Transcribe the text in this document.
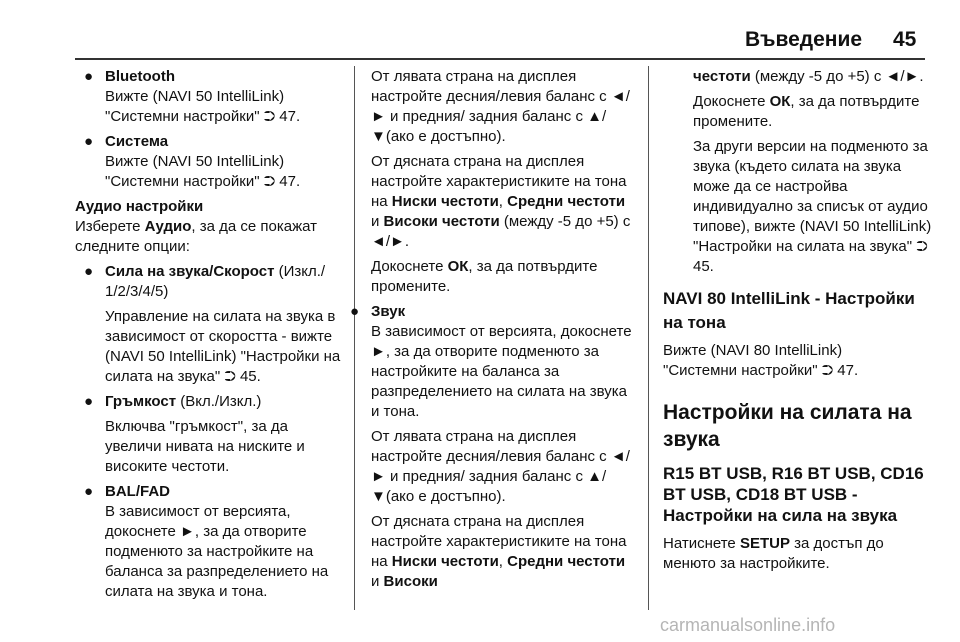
Въведение 45
● Bluetooth

Вижте (NAVI 50 IntelliLink)
"Системни настройки" ⮊ 47.

● Система

Вижте (NAVI 50 IntelliLink)
"Системни настройки" ⮊ 47.

Аудио настройки

Изберете Аудио, за да се покажат следните опции:

● Сила на звука/Скорост (Изкл./ 1/2/3/4/5)

Управление на силата на звука в зависимост от скоростта - вижте (NAVI 50 IntelliLink) "Настройки на силата на звука" ⮊ 45.

● Гръмкост (Вкл./Изкл.)

Включва "гръмкост", за да увеличи нивата на ниските и високите честоти.

● BAL/FAD

В зависимост от версията, докоснете ►, за да отворите подменюто за настройките на баланса за разпределението на силата на звука и тона.

От лявата страна на дисплея настройте десния/левия баланс с ◄/► и предния/ задния баланс с ▲/▼(ако е достъпно).

От дясната страна на дисплея настройте характеристиките на тона на Ниски честоти, Средни честоти и Високи честоти (между -5 до +5) с ◄/►.

Докоснете ОК, за да потвърдите промените.

● Звук

В зависимост от версията, докоснете ►, за да отворите подменюто за настройките на баланса за разпределението на силата на звука и тона.

От лявата страна на дисплея настройте десния/левия баланс с ◄/► и предния/ задния баланс с ▲/▼(ако е достъпно).

От дясната страна на дисплея настройте характеристиките на тона на Ниски честоти, Средни честоти и Високи

честоти (между -5 до +5) с ◄/►.

Докоснете ОК, за да потвърдите промените.

За други версии на подменюто за звука (където силата на звука може да се настройва индивидуално за списък от аудио типове), вижте (NAVI 50 IntelliLink) "Настройки на силата на звука" ⮊ 45.

NAVI 80 IntelliLink - Настройки на тона

Вижте (NAVI 80 IntelliLink)
"Системни настройки" ⮊ 47.

Настройки на силата на звука
R15 BT USB, R16 BT USB, CD16 BT USB, CD18 BT USB - Настройки на сила на звука

Натиснете SETUP за достъп до менюто за настройките.

carmanualsonline.info
